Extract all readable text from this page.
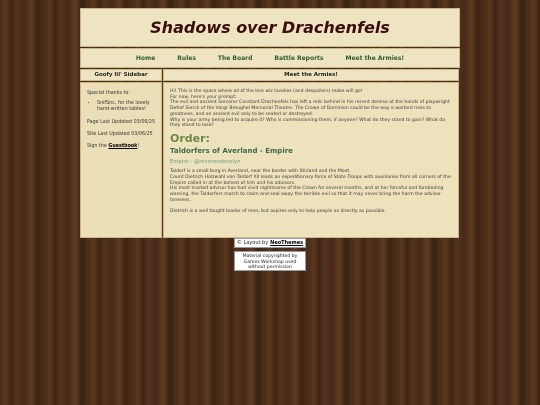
Shadows over Drachenfels
Home	Rules	The Board	Battle Reports	Meet the Armies!
Goofy lil' Sidebar

Special thanks to:

• SnifSnc, for the lovely hand-written tables!

Page Last Updated 03/06/25

Site Last Updated 03/06/25

Sign the Guestbook!

Meet the Armies!

Hi! This is the space where all of the lore wiz lovelies (and despoilers) make will go!

For now, here's your prompt:

The evil and ancient Sorcerer Constant Drachenfels has left a relic behind in his recent demise at the hands of playwright Detlef Sierck of the Vargr Breughel Memorial Theatre. The Crown of Dominion could be the way a warlord rises to greatness, and an ancient evil only to be seated or destroyed.

Why is your army being led to acquire it? Who is commissioning them, if anyone? What do they stand to gain? What do they stand to lose?

Order:
Taldorfers of Averland - Empire
Empire - @reverendevelyn

Taldorf is a small burg in Averland, near the border with Stirland and the Moot.

Count Dietrich Holzwahl von Taldorf XII leads an expeditionary force of State Troops with auxiliaries from all corners of the Empire called in at the behest of him and his advisors.

His most trusted advisor has had vivid nightmares of the Crown for several months, and at her forceful and foreboding warning, the Taldorfers march to claim and seal away the terrible evil so that it may never bring the harm the advisor foresees.

Dietrich is a well taught leader of men, but aspires only to help people as directly as possible.

© Layout by NeoThemes
Material copyrighted by Games Workshop used without permission
